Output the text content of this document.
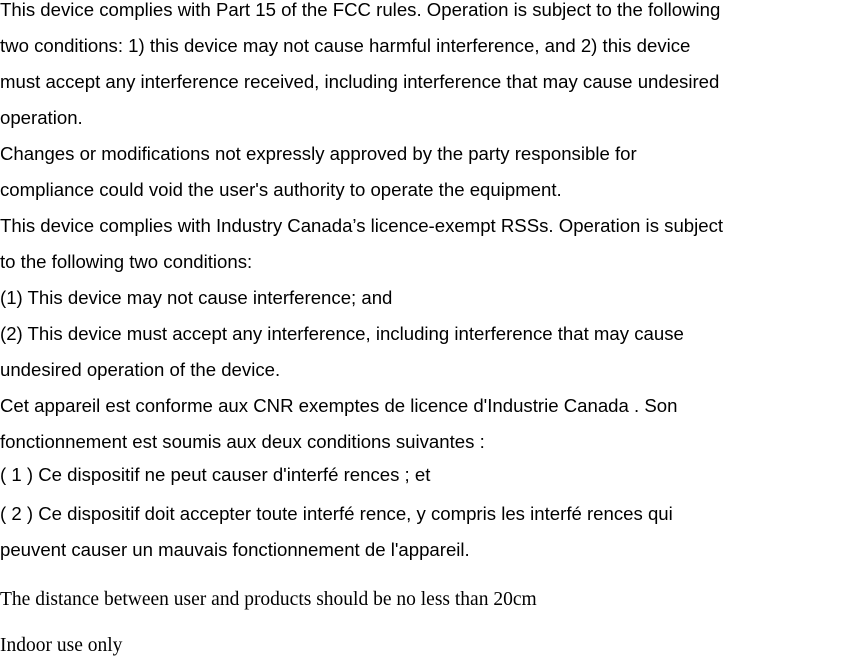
This device complies with Part 15 of the FCC rules. Operation is subject to the following
two conditions: 1) this device may not cause harmful interference, and 2) this device
must accept any interference received, including interference that may cause undesired
operation.
Changes or modifications not expressly approved by the party responsible for
compliance could void the user's authority to operate the equipment.
This device complies with Industry Canada’s licence-exempt RSSs. Operation is subject
to the following two conditions:
(1) This device may not cause interference; and
(2) This device must accept any interference, including interference that may cause
undesired operation of the device.
Cet appareil est conforme aux CNR exemptes de licence d'Industrie Canada . Son
fonctionnement est soumis aux deux conditions suivantes :
( 1 ) Ce dispositif ne peut causer d'interfé rences ; et
( 2 ) Ce dispositif doit accepter toute interfé rence, y compris les interfé rences qui
peuvent causer un mauvais fonctionnement de l'appareil.
The distance between user and products should be no less than 20cm
Indoor use only
